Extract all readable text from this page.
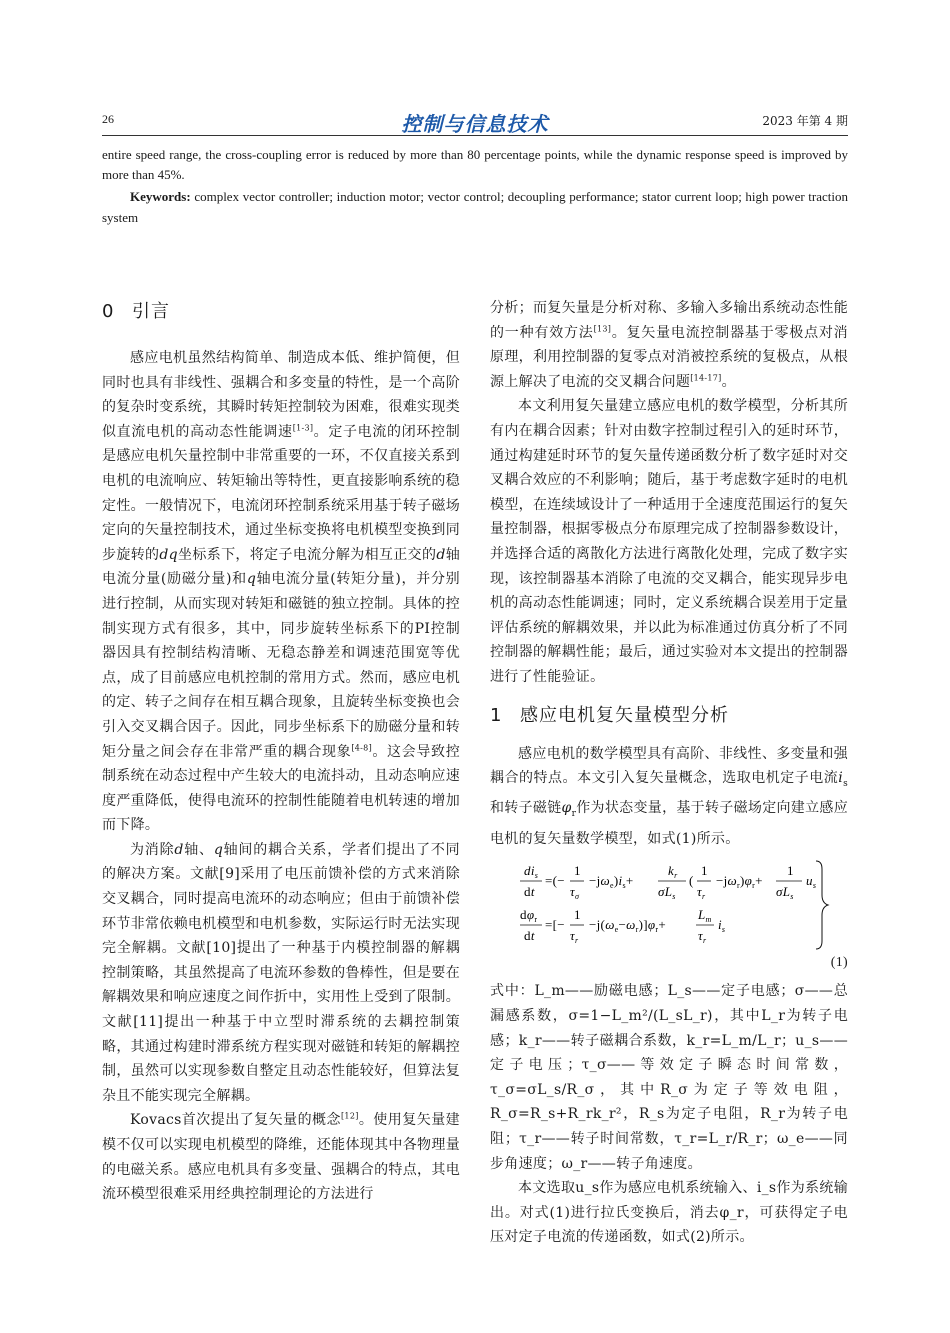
26	控制与信息技术	2023 年第 4 期
entire speed range, the cross-coupling error is reduced by more than 80 percentage points, while the dynamic response speed is improved by more than 45%.
Keywords: complex vector controller; induction motor; vector control; decoupling performance; stator current loop; high power traction system
0 引言
感应电机虽然结构简单、制造成本低、维护简便，但同时也具有非线性、强耦合和多变量的特性，是一个高阶的复杂时变系统，其瞬时转矩控制较为困难，很难实现类似直流电机的高动态性能调速[1-3]。定子电流的闭环控制是感应电机矢量控制中非常重要的一环，不仅直接关系到电机的电流响应、转矩输出等特性，更直接影响系统的稳定性。一般情况下，电流闭环控制系统采用基于转子磁场定向的矢量控制技术，通过坐标变换将电机模型变换到同步旋转的dq坐标系下，将定子电流分解为相互正交的d轴电流分量(励磁分量)和q轴电流分量(转矩分量)，并分别进行控制，从而实现对转矩和磁链的独立控制。具体的控制实现方式有很多，其中，同步旋转坐标系下的PI控制器因具有控制结构清晰、无稳态静差和调速范围宽等优点，成了目前感应电机控制的常用方式。然而，感应电机的定、转子之间存在相互耦合现象，且旋转坐标变换也会引入交叉耦合因子。因此，同步坐标系下的励磁分量和转矩分量之间会存在非常严重的耦合现象[4-8]。这会导致控制系统在动态过程中产生较大的电流抖动，且动态响应速度严重降低，使得电流环的控制性能随着电机转速的增加而下降。
为消除d轴、q轴间的耦合关系，学者们提出了不同的解决方案。文献[9]采用了电压前馈补偿的方式来消除交叉耦合，同时提高电流环的动态响应；但由于前馈补偿环节非常依赖电机模型和电机参数，实际运行时无法实现完全解耦。文献[10]提出了一种基于内模控制器的解耦控制策略，其虽然提高了电流环参数的鲁棒性，但是要在解耦效果和响应速度之间作折中，实用性上受到了限制。文献[11]提出一种基于中立型时滞系统的去耦控制策略，其通过构建时滞系统方程实现对磁链和转矩的解耦控制，虽然可以实现参数自整定且动态性能较好，但算法复杂且不能实现完全解耦。
Kovacs首次提出了复矢量的概念[12]。使用复矢量建模不仅可以实现电机模型的降维，还能体现其中各物理量的电磁关系。感应电机具有多变量、强耦合的特点，其电流环模型很难采用经典控制理论的方法进行
分析；而复矢量是分析对称、多输入多输出系统动态性能的一种有效方法[13]。复矢量电流控制器基于零极点对消原理，利用控制器的复零点对消被控系统的复极点，从根源上解决了电流的交叉耦合问题[14-17]。
本文利用复矢量建立感应电机的数学模型，分析其所有内在耦合因素；针对由数字控制过程引入的延时环节，通过构建延时环节的复矢量传递函数分析了数字延时对交叉耦合效应的不利影响；随后，基于考虑数字延时的电机模型，在连续域设计了一种适用于全速度范围运行的复矢量控制器，根据零极点分布原理完成了控制器参数设计，并选择合适的离散化方法进行离散化处理，完成了数字实现，该控制器基本消除了电流的交叉耦合，能实现异步电机的高动态性能调速；同时，定义系统耦合误差用于定量评估系统的解耦效果，并以此为标准通过仿真分析了不同控制器的解耦性能；最后，通过实验对本文提出的控制器进行了性能验证。
1 感应电机复矢量模型分析
感应电机的数学模型具有高阶、非线性、多变量和强耦合的特点。本文引入复矢量概念，选取电机定子电流$i_s$和转子磁链$\varphi_r$作为状态变量，基于转子磁场定向建立感应电机的复矢量数学模型，如式(1)所示。
$di_s$
dt
=(−
1
$\tau_\sigma$
$-j\omega_e)i_s+$
$k_r$
$\sigma L_s$
(
1
$\tau_r$
$-j\omega_r)\varphi_r+$
1
$\sigma L_s$
$u_s$
$d\varphi_r$
dt
=[−
1
$\tau_r$
$-j(\omega_e-\omega_r)]\varphi_r+$
$L_m$
$\tau_r$
$i_s$
(1)
式中：L_m——励磁电感；L_s——定子电感；σ——总漏感系数，σ=1−L_m²/(L_sL_r)，其中L_r为转子电感；k_r——转子磁耦合系数，k_r=L_m/L_r；u_s——定子电压；τ_σ——等效定子瞬态时间常数，τ_σ=σL_s/R_σ，其中R_σ为定子等效电阻，R_σ=R_s+R_rk_r²，R_s为定子电阻，R_r为转子电阻；τ_r——转子时间常数，τ_r=L_r/R_r；ω_e——同步角速度；ω_r——转子角速度。
本文选取u_s作为感应电机系统输入、i_s作为系统输出。对式(1)进行拉氏变换后，消去φ_r，可获得定子电压对定子电流的传递函数，如式(2)所示。
